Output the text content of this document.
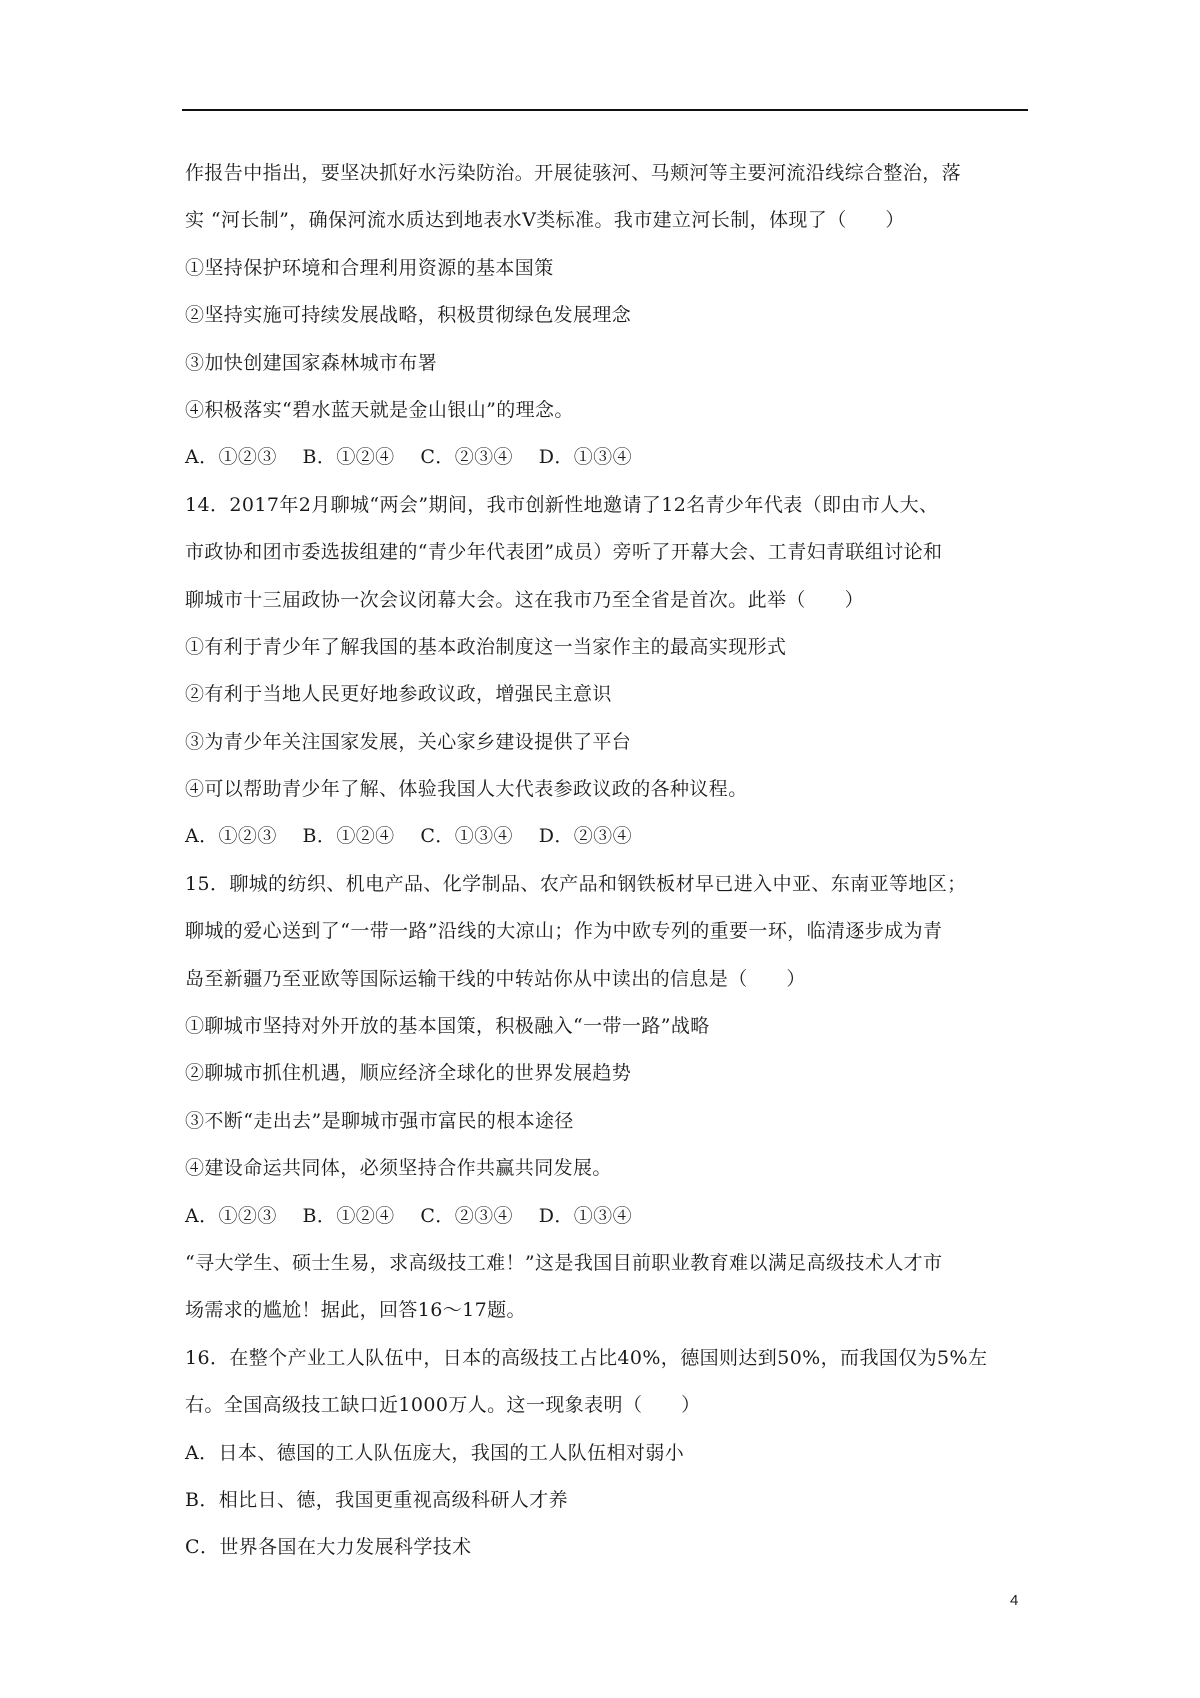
作报告中指出，要坚决抓好水污染防治。开展徒骇河、马颊河等主要河流沿线综合整治，落
实 “河长制”，确保河流水质达到地表水Ⅴ类标准。我市建立河长制，体现了（　　）
①坚持保护环境和合理利用资源的基本国策
②坚持实施可持续发展战略，积极贯彻绿色发展理念
③加快创建国家森林城市布署
④积极落实“碧水蓝天就是金山银山”的理念。
A．①②③　 B．①②④　 C．②③④　 D．①③④
14．2017年2月聊城“两会”期间，我市创新性地邀请了12名青少年代表（即由市人大、
市政协和团市委选拔组建的“青少年代表团”成员）旁听了开幕大会、工青妇青联组讨论和
聊城市十三届政协一次会议闭幕大会。这在我市乃至全省是首次。此举（　　）
①有利于青少年了解我国的基本政治制度这一当家作主的最高实现形式
②有利于当地人民更好地参政议政，增强民主意识
③为青少年关注国家发展，关心家乡建设提供了平台
④可以帮助青少年了解、体验我国人大代表参政议政的各种议程。
A．①②③　 B．①②④　 C．①③④　 D．②③④
15．聊城的纺织、机电产品、化学制品、农产品和钢铁板材早已进入中亚、东南亚等地区；
聊城的爱心送到了“一带一路”沿线的大凉山；作为中欧专列的重要一环，临清逐步成为青
岛至新疆乃至亚欧等国际运输干线的中转站你从中读出的信息是（　　）
①聊城市坚持对外开放的基本国策，积极融入“一带一路”战略
②聊城市抓住机遇，顺应经济全球化的世界发展趋势
③不断“走出去”是聊城市强市富民的根本途径
④建设命运共同体，必须坚持合作共赢共同发展。
A．①②③　 B．①②④　 C．②③④　 D．①③④
“寻大学生、硕士生易，求高级技工难！”这是我国目前职业教育难以满足高级技术人才市
场需求的尴尬！据此，回答16～17题。
16．在整个产业工人队伍中，日本的高级技工占比40%，德国则达到50%，而我国仅为5%左
右。全国高级技工缺口近1000万人。这一现象表明（　　）
A．日本、德国的工人队伍庞大，我国的工人队伍相对弱小
B．相比日、德，我国更重视高级科研人才养
C．世界各国在大力发展科学技术
4
